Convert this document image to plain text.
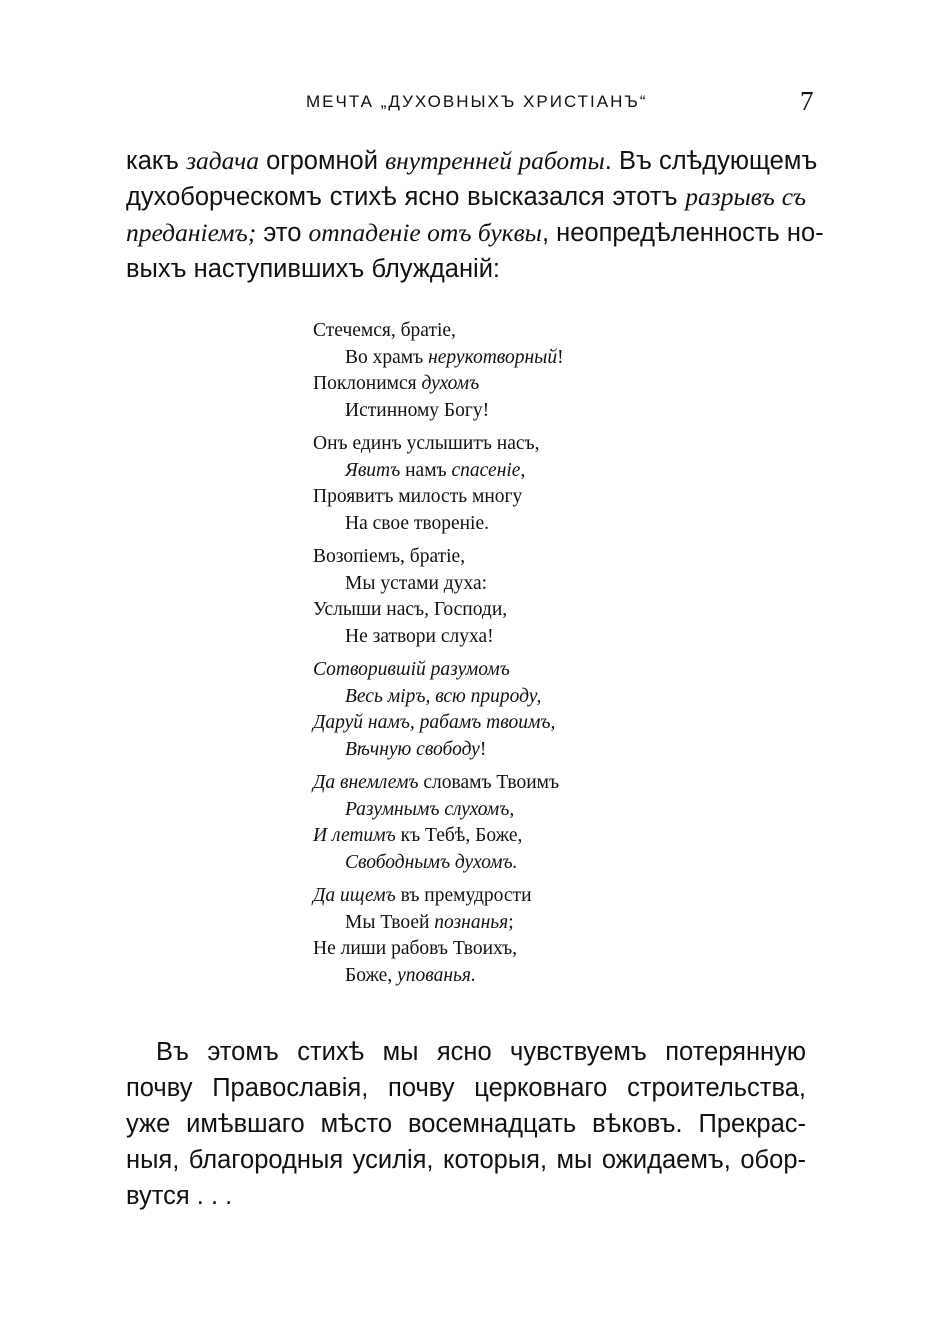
МЕЧТА „ДУХОВНЫХЪ ХРИСТІАНЪ“	7
какъ задача огромной внутренней работы. Въ слѣдующемъ
духоборческомъ стихѣ ясно высказался этотъ разрывъ съ
преданіемъ; это отпаденіе отъ буквы, неопредѣленность но-
выхъ наступившихъ блужданій:
Стечемся, братіе,
Во храмъ нерукотворный!
Поклонимся духомъ
Истинному Богу!
Онъ единъ услышитъ насъ,
Явитъ намъ спасеніе,
Проявитъ милость многу
На свое твореніе.
Возопіемъ, братіе,
Мы устами духа:
Услыши насъ, Господи,
Не затвори слуха!
Сотворившій разумомъ
Весь міръ, всю природу,
Даруй намъ, рабамъ твоимъ,
Вѣчную свободу!
Да внемлемъ словамъ Твоимъ
Разумнымъ слухомъ,
И летимъ къ Тебѣ, Боже,
Свободнымъ духомъ.
Да ищемъ въ премудрости
Мы Твоей познанья;
Не лиши рабовъ Твоихъ,
Боже, упованья.
Въ этомъ стихѣ мы ясно чувствуемъ потерянную
почву Православія, почву церковнаго строительства,
уже имѣвшаго мѣсто восемнадцать вѣковъ. Прекрас-
ныя, благородныя усилія, которыя, мы ожидаемъ, обор-
вутся . . .
